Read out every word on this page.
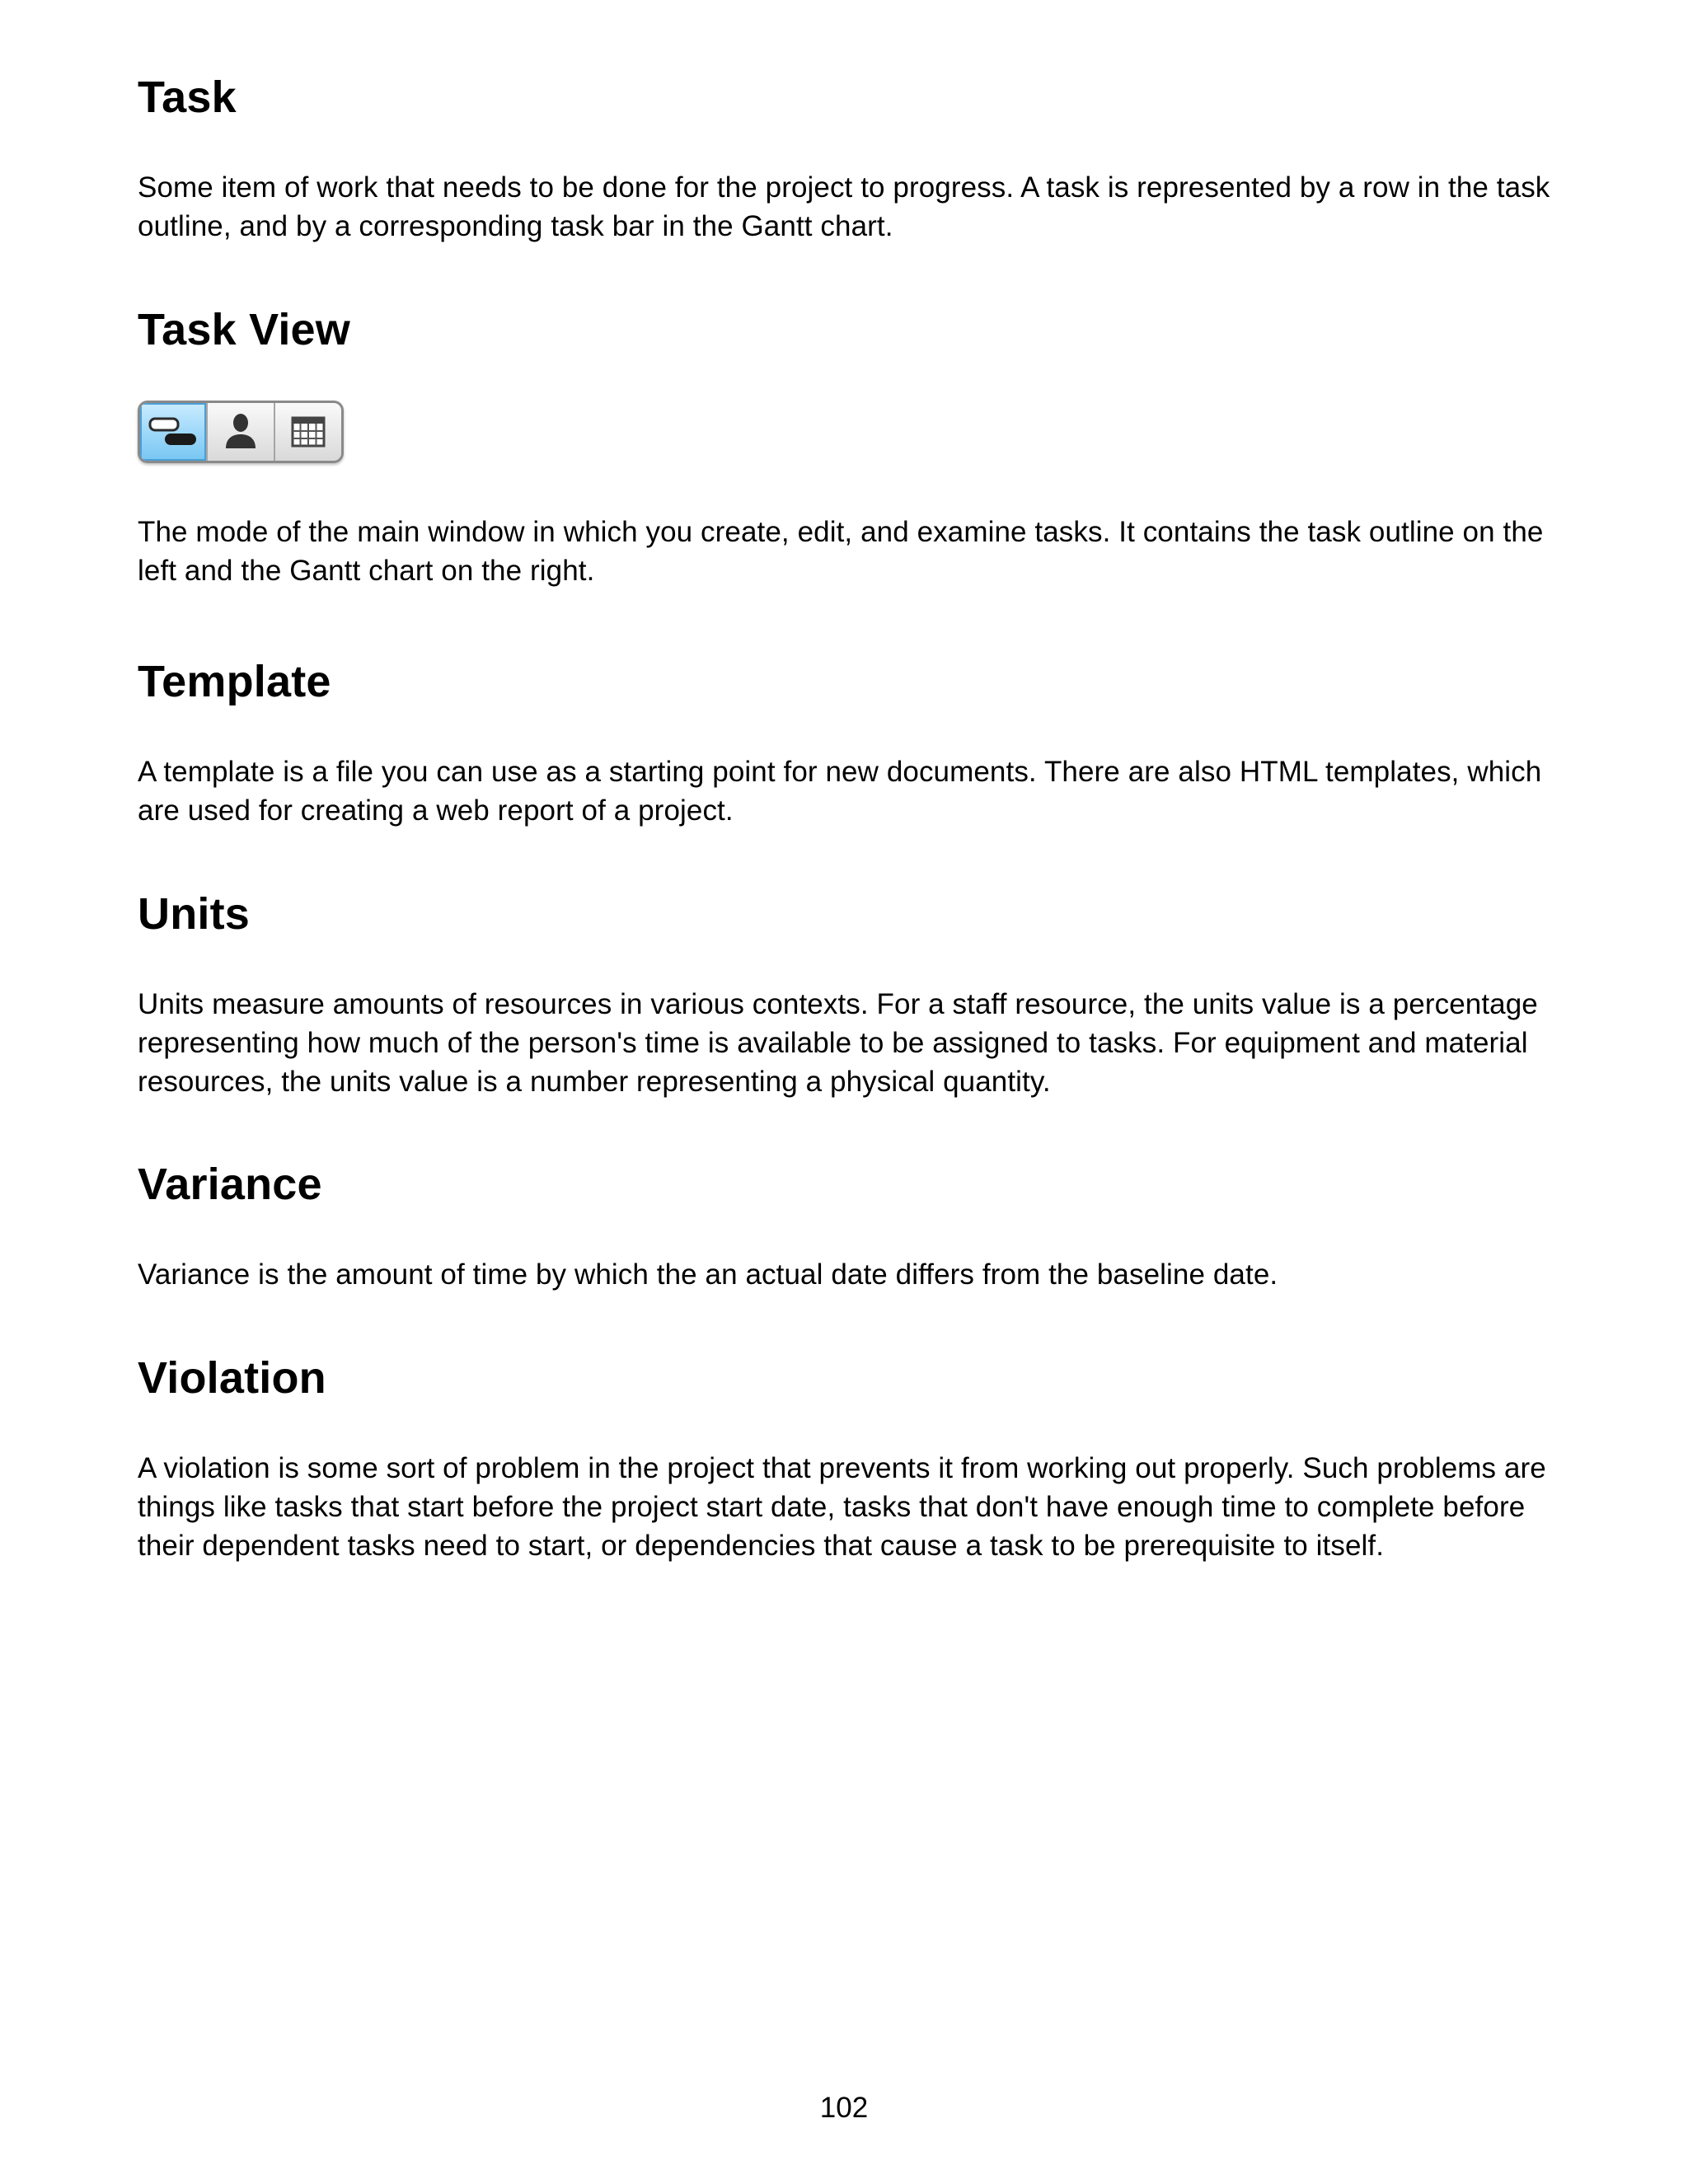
Task

Some item of work that needs to be done for the project to progress. A task is represented by a row in the task outline, and by a corresponding task bar in the Gantt chart.

Task View

The mode of the main window in which you create, edit, and examine tasks. It contains the task outline on the left and the Gantt chart on the right.

Template

A template is a file you can use as a starting point for new documents. There are also HTML templates, which are used for creating a web report of a project.

Units

Units measure amounts of resources in various contexts. For a staff resource, the units value is a percentage representing how much of the person's time is available to be assigned to tasks. For equipment and material resources, the units value is a number representing a physical quantity.

Variance

Variance is the amount of time by which the an actual date differs from the baseline date.

Violation

A violation is some sort of problem in the project that prevents it from working out properly. Such problems are things like tasks that start before the project start date, tasks that don't have enough time to complete before their dependent tasks need to start, or dependencies that cause a task to be prerequisite to itself.

102
